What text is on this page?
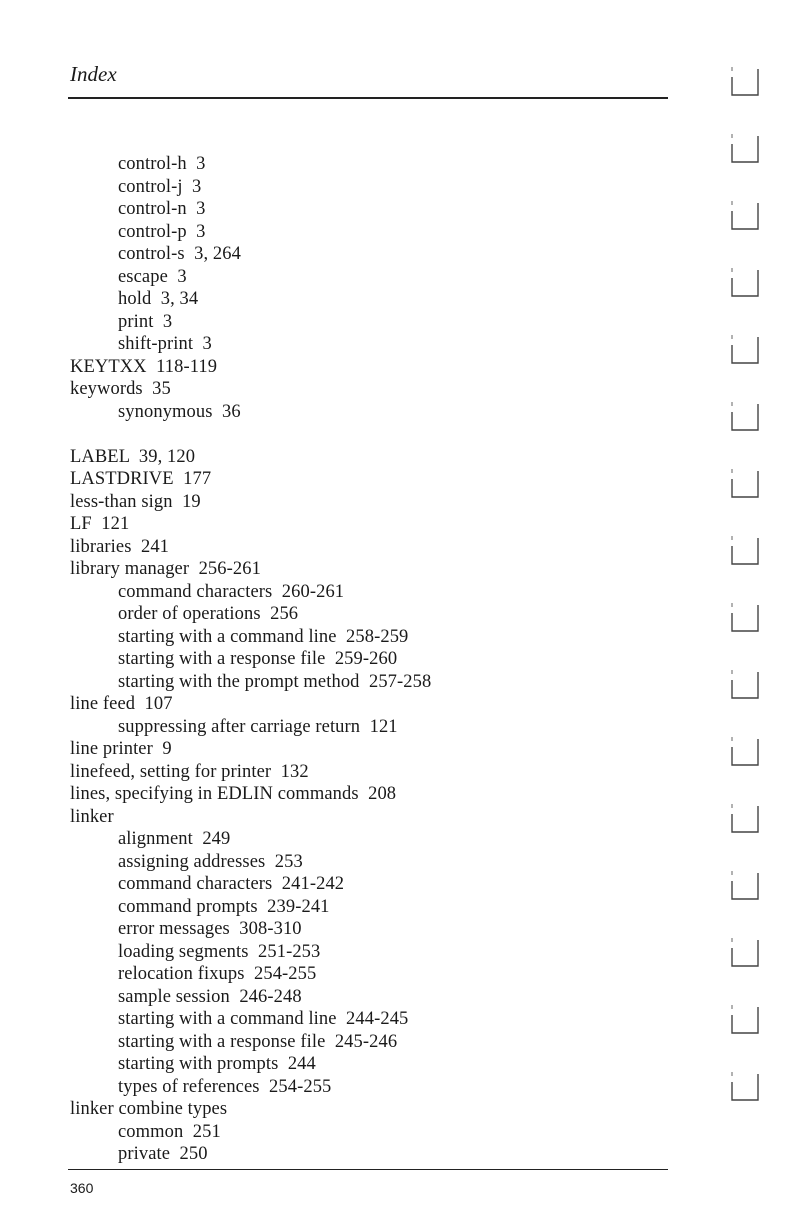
Index
control-h  3
control-j  3
control-n  3
control-p  3
control-s  3, 264
escape  3
hold  3, 34
print  3
shift-print  3
KEYTXX  118-119
keywords  35
synonymous  36
LABEL  39, 120
LASTDRIVE  177
less-than sign  19
LF  121
libraries  241
library manager  256-261
command characters  260-261
order of operations  256
starting with a command line  258-259
starting with a response file  259-260
starting with the prompt method  257-258
line feed  107
suppressing after carriage return  121
line printer  9
linefeed, setting for printer  132
lines, specifying in EDLIN commands  208
linker
alignment  249
assigning addresses  253
command characters  241-242
command prompts  239-241
error messages  308-310
loading segments  251-253
relocation fixups  254-255
sample session  246-248
starting with a command line  244-245
starting with a response file  245-246
starting with prompts  244
types of references  254-255
linker combine types
common  251
private  250
360
